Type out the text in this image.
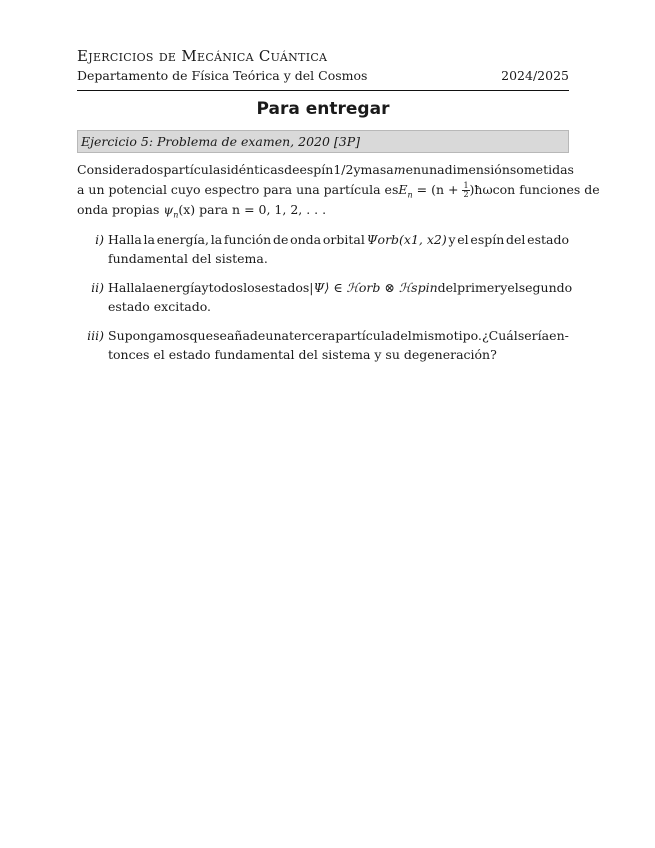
Ejercicios de Mecánica Cuántica
Departamento de Física Teórica y del Cosmos	2024/2025
Para entregar
Ejercicio 5: Problema de examen, 2020 [3P]
Considera dos partículas idénticas de espín 1/2 y masa m en una dimensión sometidas
a un potencial cuyo espectro para una partícula es $E_n = (n + \frac{1}{2}$ )ħω con funciones de
onda propias $\psi_n(x)$ para n = 0, 1, 2, . . .
i) Halla la energía, la función de onda orbital Ψorb(x1, x2) y el espín del estado
fundamental del sistema.
ii) Halla la energía y todos los estados |Ψ⟩ ∈ ℋorb ⊗ ℋspin del primer y el segundo
estado excitado.
iii) Supongamos que se añade una tercera partícula del mismo tipo. ¿Cuál sería en-
tonces el estado fundamental del sistema y su degeneración?
